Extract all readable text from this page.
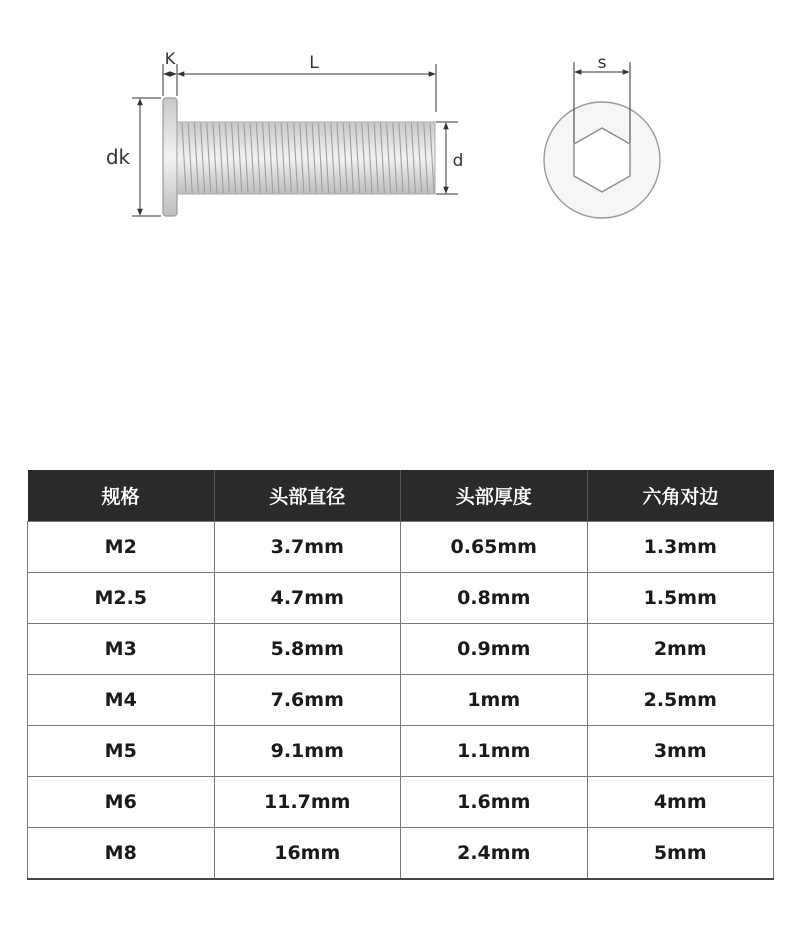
K	L
dk	d
s
规格	头部直径	头部厚度	六角对边
M2	3.7mm	0.65mm	1.3mm
M2.5	4.7mm	0.8mm	1.5mm
M3	5.8mm	0.9mm	2mm
M4	7.6mm	1mm	2.5mm
M5	9.1mm	1.1mm	3mm
M6	11.7mm	1.6mm	4mm
M8	16mm	2.4mm	5mm
